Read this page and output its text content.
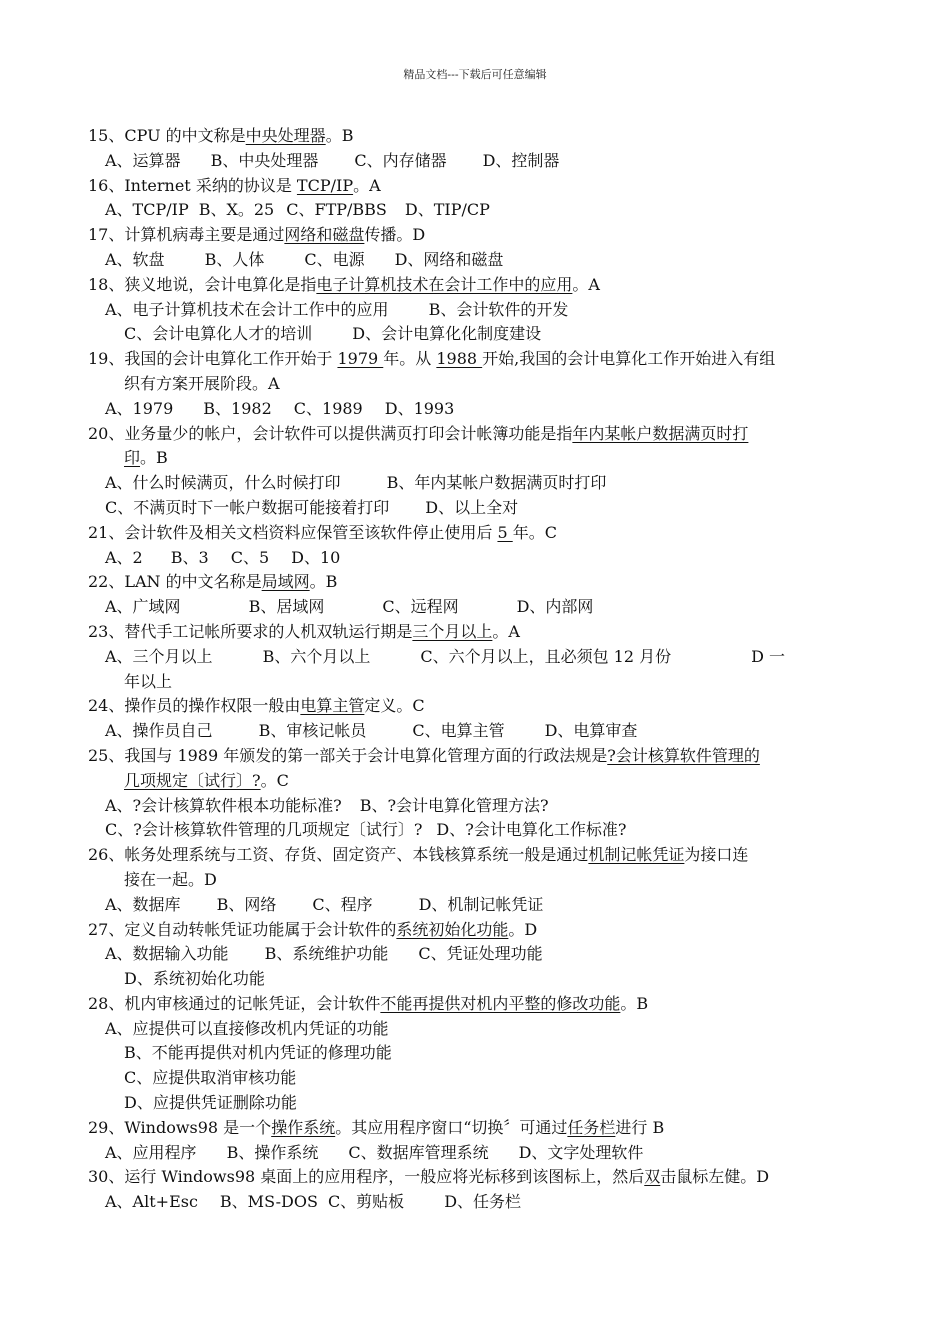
精品文档---下载后可任意编辑
15、CPU 的中文称是中央处理器。B
A、运算器 B、中央处理器 C、内存储器 D、控制器
16、Internet 采纳的协议是 TCP/IP。A
A、TCP/IP B、X。25 C、FTP/BBS D、TIP/CP
17、计算机病毒主要是通过网络和磁盘传播。D
A、软盘	B、人体	C、电源 D、网络和磁盘
18、狭义地说，会计电算化是指电子计算机技术在会计工作中的应用。A
A、电子计算机技术在会计工作中的应用	B、会计软件的开发
C、会计电算化人才的培训	D、会计电算化化制度建设
19、我国的会计电算化工作开始于 1979 年。从 1988 开始,我国的会计电算化工作开始进入有组
织有方案开展阶段。A
A、1979 B、1982 C、1989 D、1993
20、业务量少的帐户，会计软件可以提供满页打印会计帐簿功能是指年内某帐户数据满页时打
印。B
A、什么时候满页，什么时候打印	B、年内某帐户数据满页时打印
C、不满页时下一帐户数据可能接着打印 D、以上全对
21、会计软件及相关文档资料应保管至该软件停止使用后 5 年。C
A、2 B、3 C、5 D、10
22、LAN 的中文名称是局域网。B
A、广域网	B、居域网	C、远程网	D、内部网
23、替代手工记帐所要求的人机双轨运行期是三个月以上。A
A、三个月以上	B、六个月以上	C、六个月以上，且必须包 12 月份	D 一
年以上
24、操作员的操作权限一般由电算主管定义。C
A、操作员自己	B、审核记帐员	C、电算主管	D、电算审查
25、我国与 1989 年颁发的第一部关于会计电算化管理方面的行政法规是?会计核算软件管理的
几项规定〔试行〕?。C
A、?会计核算软件根本功能标准? B、?会计电算化管理方法?
C、?会计核算软件管理的几项规定〔试行〕? D、?会计电算化工作标准?
26、帐务处理系统与工资、存货、固定资产、本钱核算系统一般是通过机制记帐凭证为接口连
接在一起。D
A、数据库 B、网络 C、程序	D、机制记帐凭证
27、定义自动转帐凭证功能属于会计软件的系统初始化功能。D
A、数据输入功能 B、系统维护功能 C、凭证处理功能
D、系统初始化功能
28、机内审核通过的记帐凭证，会计软件不能再提供对机内平整的修改功能。B
A、应提供可以直接修改机内凭证的功能
B、不能再提供对机内凭证的修理功能
C、应提供取消审核功能
D、应提供凭证删除功能
29、Windows98 是一个操作系统。其应用程序窗口“切换〞可通过任务栏进行 B
A、应用程序 B、操作系统 C、数据库管理系统 D、文字处理软件
30、运行 Windows98 桌面上的应用程序，一般应将光标移到该图标上，然后双击鼠标左健。D
A、Alt+Esc B、MS-DOS C、剪贴板	D、任务栏
